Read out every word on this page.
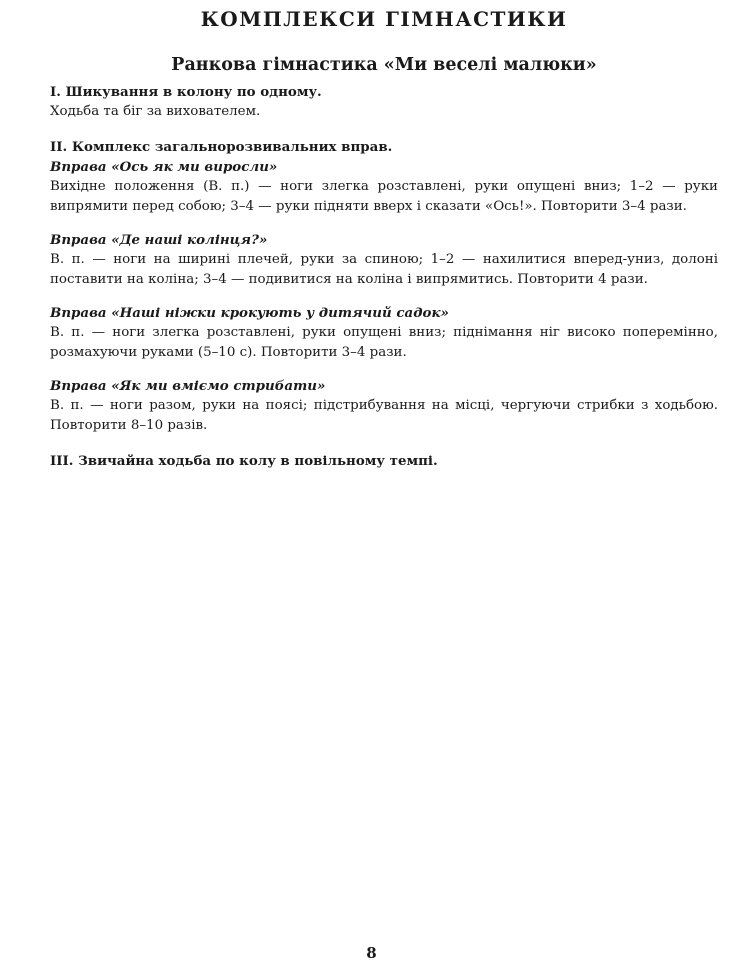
КОМПЛЕКСИ ГІМНАСТИКИ
Ранкова гімнастика «Ми веселі малюки»

І. Шикування в колону по одному.

Ходьба та біг за вихователем.

ІІ. Комплекс загальнорозвивальних вправ.

Вправа «Ось як ми виросли»

Вихідне положення (В. п.) — ноги злегка розставлені, руки опущені вниз; 1–2 — руки випрямити перед собою; 3–4 — руки підняти вверх і сказати «Ось!». Повторити 3–4 рази.

Вправа «Де наші колінця?»

В. п. — ноги на ширині плечей, руки за спиною; 1–2 — нахилитися вперед-униз, долоні поставити на коліна; 3–4 — подивитися на коліна і випрямитись. Повторити 4 рази.

Вправа «Наші ніжки крокують у дитячий садок»

В. п. — ноги злегка розставлені, руки опущені вниз; піднімання ніг високо поперемінно, розмахуючи руками (5–10 с). Повторити 3–4 рази.

Вправа «Як ми вміємо стрибати»

В. п. — ноги разом, руки на поясі; підстрибування на місці, чергуючи стрибки з ходьбою. Повторити 8–10 разів.

ІІІ. Звичайна ходьба по колу в повільному темпі.

8
